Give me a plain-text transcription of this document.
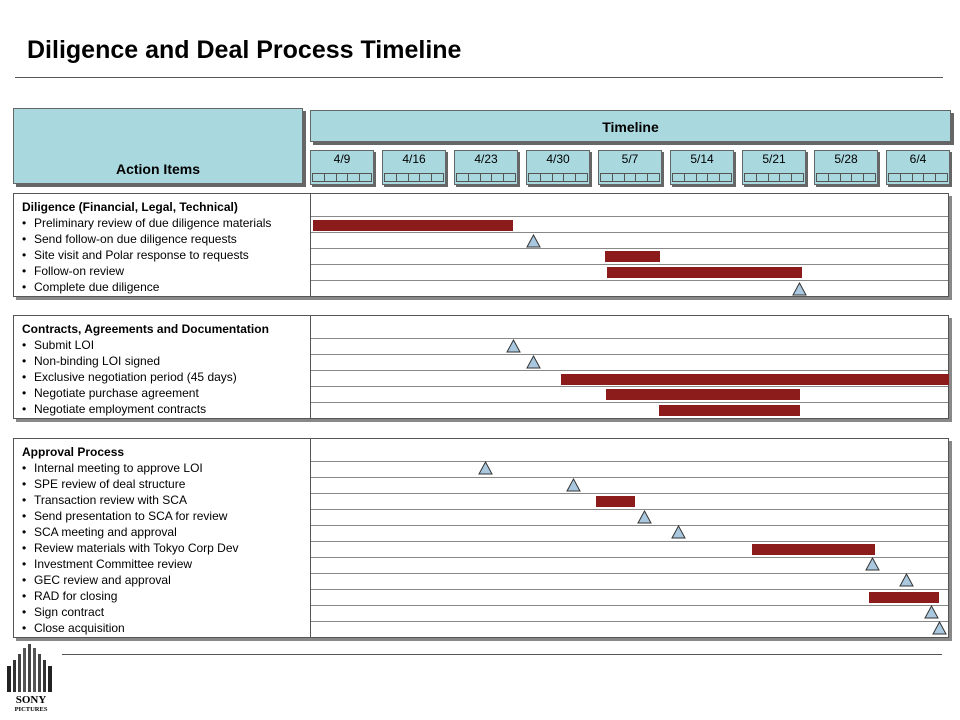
Diligence and Deal Process Timeline
Action Items
Timeline
4/9	4/16	4/23	4/30	5/7	5/14	5/21	5/28	6/4
Diligence (Financial, Legal, Technical)
• Preliminary review of due diligence materials
• Send follow-on due diligence requests
• Site visit and Polar response to requests
• Follow-on review
• Complete due diligence
Contracts, Agreements and Documentation
• Submit LOI
• Non-binding LOI signed
• Exclusive negotiation period (45 days)
• Negotiate purchase agreement
• Negotiate employment contracts
Approval Process
• Internal meeting to approve LOI
• SPE review of deal structure
• Transaction review with SCA
• Send presentation to SCA for review
• SCA meeting and approval
• Review materials with Tokyo Corp Dev
• Investment Committee review
• GEC review and approval
• RAD for closing
• Sign contract
• Close acquisition
SONY
PICTURES
